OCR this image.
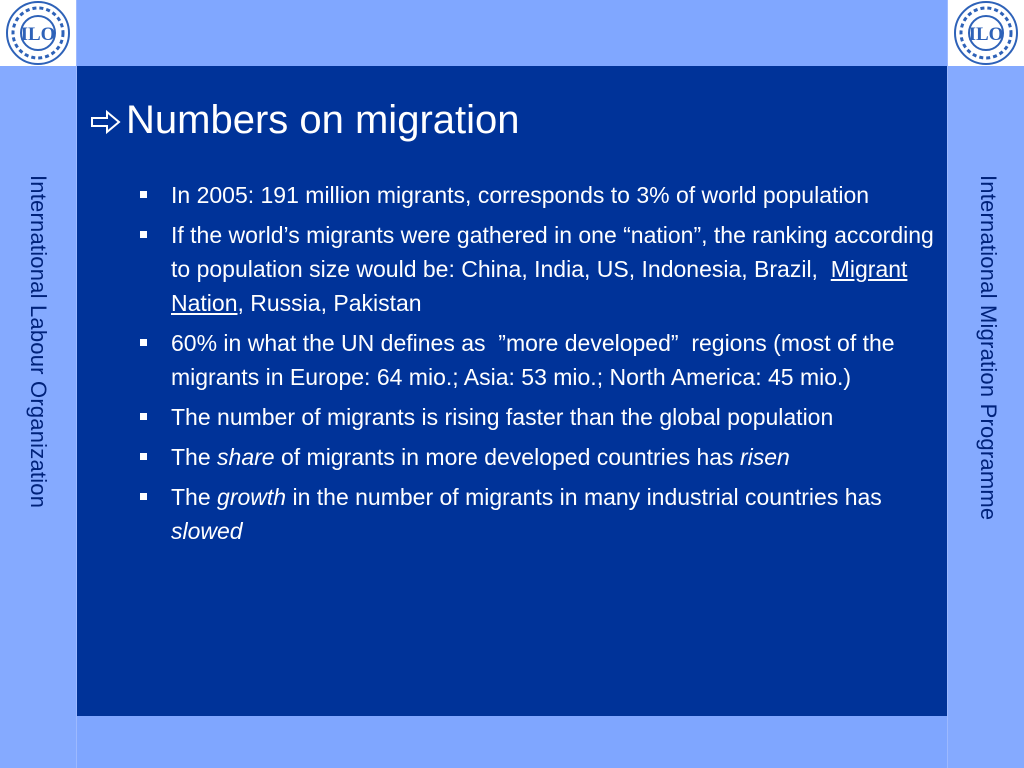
ILO	ILO
International Labour Organization	International Migration Programme
Numbers on migration
In 2005: 191 million migrants, corresponds to 3% of world population
If the world’s migrants were gathered in one “nation”, the ranking according to population size would be: China, India, US, Indonesia, Brazil,  Migrant Nation, Russia, Pakistan
60% in what the UN defines as  ”more developed”  regions (most of the migrants in Europe: 64 mio.; Asia: 53 mio.; North America: 45 mio.)
The number of migrants is rising faster than the global population
The share of migrants in more developed countries has risen
The growth in the number of migrants in many industrial countries has slowed
